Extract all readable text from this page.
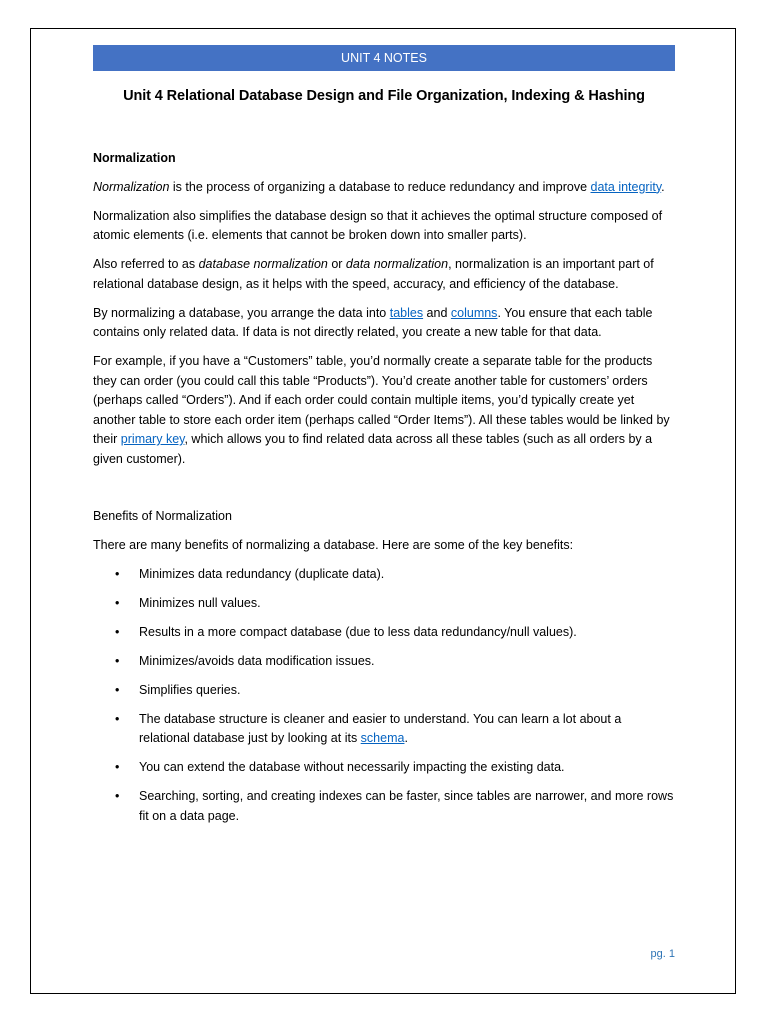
UNIT 4 NOTES
Unit 4 Relational Database Design and File Organization, Indexing & Hashing
Normalization

Normalization is the process of organizing a database to reduce redundancy and improve data integrity.

Normalization also simplifies the database design so that it achieves the optimal structure composed of atomic elements (i.e. elements that cannot be broken down into smaller parts).

Also referred to as database normalization or data normalization, normalization is an important part of relational database design, as it helps with the speed, accuracy, and efficiency of the database.

By normalizing a database, you arrange the data into tables and columns. You ensure that each table contains only related data. If data is not directly related, you create a new table for that data.

For example, if you have a “Customers” table, you’d normally create a separate table for the products they can order (you could call this table “Products”). You’d create another table for customers’ orders (perhaps called “Orders”). And if each order could contain multiple items, you’d typically create yet another table to store each order item (perhaps called “Order Items”). All these tables would be linked by their primary key, which allows you to find related data across all these tables (such as all orders by a given customer).

Benefits of Normalization

There are many benefits of normalizing a database. Here are some of the key benefits:

• Minimizes data redundancy (duplicate data).
• Minimizes null values.
• Results in a more compact database (due to less data redundancy/null values).
• Minimizes/avoids data modification issues.
• Simplifies queries.
• The database structure is cleaner and easier to understand. You can learn a lot about a relational database just by looking at its schema.
• You can extend the database without necessarily impacting the existing data.
• Searching, sorting, and creating indexes can be faster, since tables are narrower, and more rows fit on a data page.
pg. 1
